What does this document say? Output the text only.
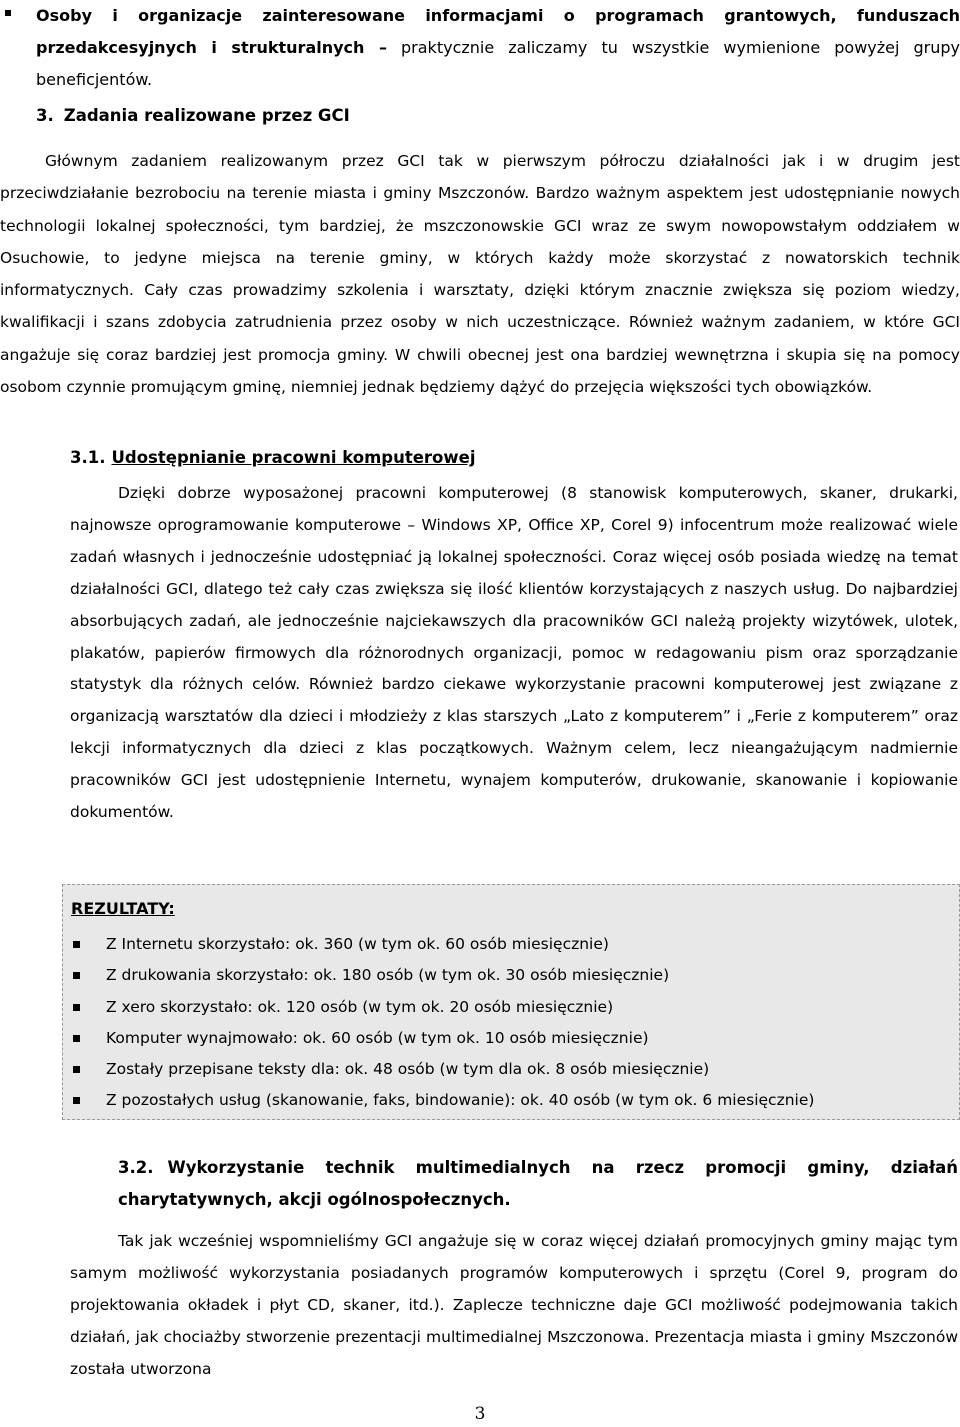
Osoby i organizacje zainteresowane informacjami o programach grantowych, funduszach przedakcesyjnych i strukturalnych – praktycznie zaliczamy tu wszystkie wymienione powyżej grupy beneficjentów.

3. Zadania realizowane przez GCI

Głównym zadaniem realizowanym przez GCI tak w pierwszym półroczu działalności jak i w drugim jest przeciwdziałanie bezrobociu na terenie miasta i gminy Mszczonów. Bardzo ważnym aspektem jest udostępnianie nowych technologii lokalnej społeczności, tym bardziej, że mszczonowskie GCI wraz ze swym nowopowstałym oddziałem w Osuchowie, to jedyne miejsca na terenie gminy, w których każdy może skorzystać z nowatorskich technik informatycznych. Cały czas prowadzimy szkolenia i warsztaty, dzięki którym znacznie zwiększa się poziom wiedzy, kwalifikacji i szans zdobycia zatrudnienia przez osoby w nich uczestniczące. Również ważnym zadaniem, w które GCI angażuje się coraz bardziej jest promocja gminy. W chwili obecnej jest ona bardziej wewnętrzna i skupia się na pomocy osobom czynnie promującym gminę, niemniej jednak będziemy dążyć do przejęcia większości tych obowiązków.

3.1. Udostępnianie pracowni komputerowej

Dzięki dobrze wyposażonej pracowni komputerowej (8 stanowisk komputerowych, skaner, drukarki, najnowsze oprogramowanie komputerowe – Windows XP, Office XP, Corel 9) infocentrum może realizować wiele zadań własnych i jednocześnie udostępniać ją lokalnej społeczności. Coraz więcej osób posiada wiedzę na temat działalności GCI, dlatego też cały czas zwiększa się ilość klientów korzystających z naszych usług. Do najbardziej absorbujących zadań, ale jednocześnie najciekawszych dla pracowników GCI należą projekty wizytówek, ulotek, plakatów, papierów firmowych dla różnorodnych organizacji, pomoc w redagowaniu pism oraz sporządzanie statystyk dla różnych celów. Również bardzo ciekawe wykorzystanie pracowni komputerowej jest związane z organizacją warsztatów dla dzieci i młodzieży z klas starszych „Lato z komputerem” i „Ferie z komputerem” oraz lekcji informatycznych dla dzieci z klas początkowych. Ważnym celem, lecz nieangażującym nadmiernie pracowników GCI jest udostępnienie Internetu, wynajem komputerów, drukowanie, skanowanie i kopiowanie dokumentów.

REZULTATY:
Z Internetu skorzystało: ok. 360 (w tym ok. 60 osób miesięcznie)
Z drukowania skorzystało: ok. 180 osób (w tym ok. 30 osób miesięcznie)
Z xero skorzystało: ok. 120 osób (w tym ok. 20 osób miesięcznie)
Komputer wynajmowało: ok. 60 osób (w tym ok. 10 osób miesięcznie)
Zostały przepisane teksty dla: ok. 48 osób (w tym dla ok. 8 osób miesięcznie)
Z pozostałych usług (skanowanie, faks, bindowanie): ok. 40 osób (w tym ok. 6 miesięcznie)

3.2. Wykorzystanie technik multimedialnych na rzecz promocji gminy, działań charytatywnych, akcji ogólnospołecznych.

Tak jak wcześniej wspomnieliśmy GCI angażuje się w coraz więcej działań promocyjnych gminy mając tym samym możliwość wykorzystania posiadanych programów komputerowych i sprzętu (Corel 9, program do projektowania okładek i płyt CD, skaner, itd.). Zaplecze techniczne daje GCI możliwość podejmowania takich działań, jak chociażby stworzenie prezentacji multimedialnej Mszczonowa. Prezentacja miasta i gminy Mszczonów została utworzona

3
